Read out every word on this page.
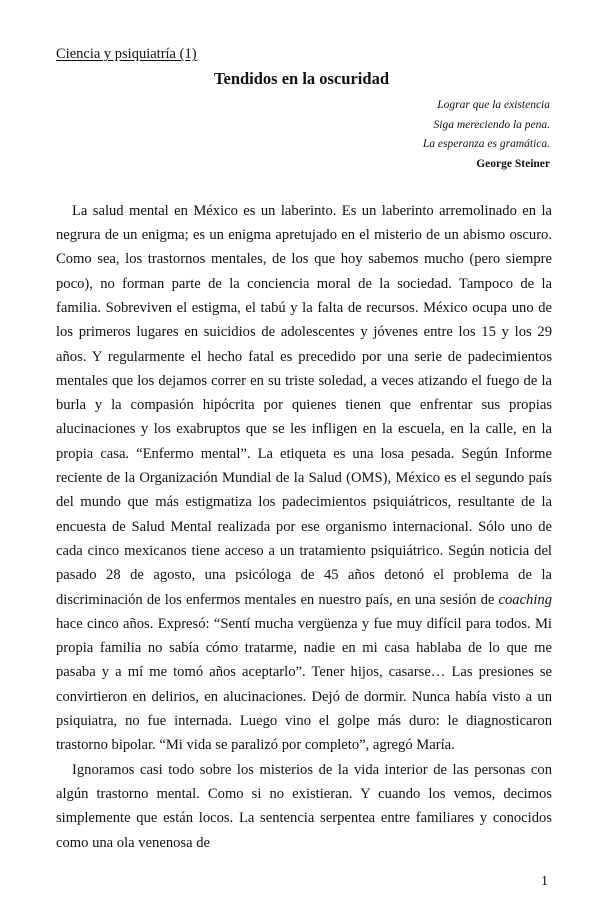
Ciencia y psiquiatría (1)
Tendidos en la oscuridad
Lograr que la existencia
Siga mereciendo la pena.
La esperanza es gramática.
George Steiner

La salud mental en México es un laberinto. Es un laberinto arremolinado en la negrura de un enigma; es un enigma apretujado en el misterio de un abismo oscuro. Como sea, los trastornos mentales, de los que hoy sabemos mucho (pero siempre poco), no forman parte de la conciencia moral de la sociedad. Tampoco de la familia. Sobreviven el estigma, el tabú y la falta de recursos. México ocupa uno de los primeros lugares en suicidios de adolescentes y jóvenes entre los 15 y los 29 años. Y regularmente el hecho fatal es precedido por una serie de padecimientos mentales que los dejamos correr en su triste soledad, a veces atizando el fuego de la burla y la compasión hipócrita por quienes tienen que enfrentar sus propias alucinaciones y los exabruptos que se les infligen en la escuela, en la calle, en la propia casa. “Enfermo mental”. La etiqueta es una losa pesada. Según Informe reciente de la Organización Mundial de la Salud (OMS), México es el segundo país del mundo que más estigmatiza los padecimientos psiquiátricos, resultante de la encuesta de Salud Mental realizada por ese organismo internacional. Sólo uno de cada cinco mexicanos tiene acceso a un tratamiento psiquiátrico. Según noticia del pasado 28 de agosto, una psicóloga de 45 años detonó el problema de la discriminación de los enfermos mentales en nuestro país, en una sesión de coaching hace cinco años. Expresó: “Sentí mucha vergüenza y fue muy difícil para todos. Mi propia familia no sabía cómo tratarme, nadie en mi casa hablaba de lo que me pasaba y a mí me tomó años aceptarlo”. Tener hijos, casarse… Las presiones se convirtieron en delirios, en alucinaciones. Dejó de dormir. Nunca había visto a un psiquiatra, no fue internada. Luego vino el golpe más duro: le diagnosticaron trastorno bipolar. “Mi vida se paralizó por completo”, agregó María.

Ignoramos casi todo sobre los misterios de la vida interior de las personas con algún trastorno mental. Como si no existieran. Y cuando los vemos, decimos simplemente que están locos. La sentencia serpentea entre familiares y conocidos como una ola venenosa de

1
